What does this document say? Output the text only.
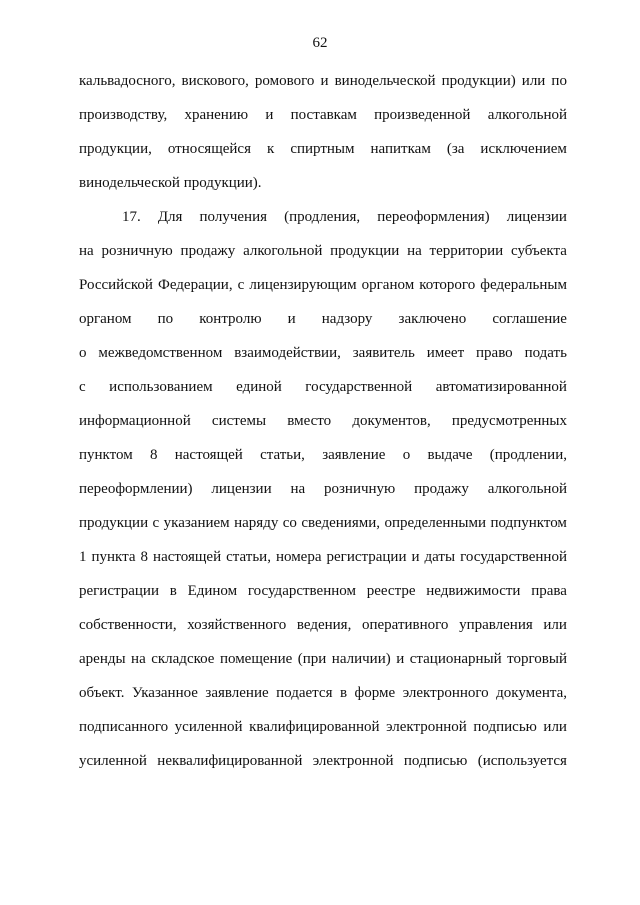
62
кальвадосного, вискового, ромового и винодельческой продукции) или по
производству, хранению и поставкам произведенной алкогольной
продукции, относящейся к спиртным напиткам (за исключением
винодельческой продукции).
17. Для получения (продления, переоформления) лицензии
на розничную продажу алкогольной продукции на территории субъекта
Российской Федерации, с лицензирующим органом которого федеральным
органом по контролю и надзору заключено соглашение
о межведомственном взаимодействии, заявитель имеет право подать
с использованием единой государственной автоматизированной
информационной системы вместо документов, предусмотренных
пунктом 8 настоящей статьи, заявление о выдаче (продлении,
переоформлении) лицензии на розничную продажу алкогольной
продукции с указанием наряду со сведениями, определенными подпунктом
1 пункта 8 настоящей статьи, номера регистрации и даты государственной
регистрации в Едином государственном реестре недвижимости права
собственности, хозяйственного ведения, оперативного управления или
аренды на складское помещение (при наличии) и стационарный торговый
объект. Указанное заявление подается в форме электронного документа,
подписанного усиленной квалифицированной электронной подписью или
усиленной неквалифицированной электронной подписью (используется
